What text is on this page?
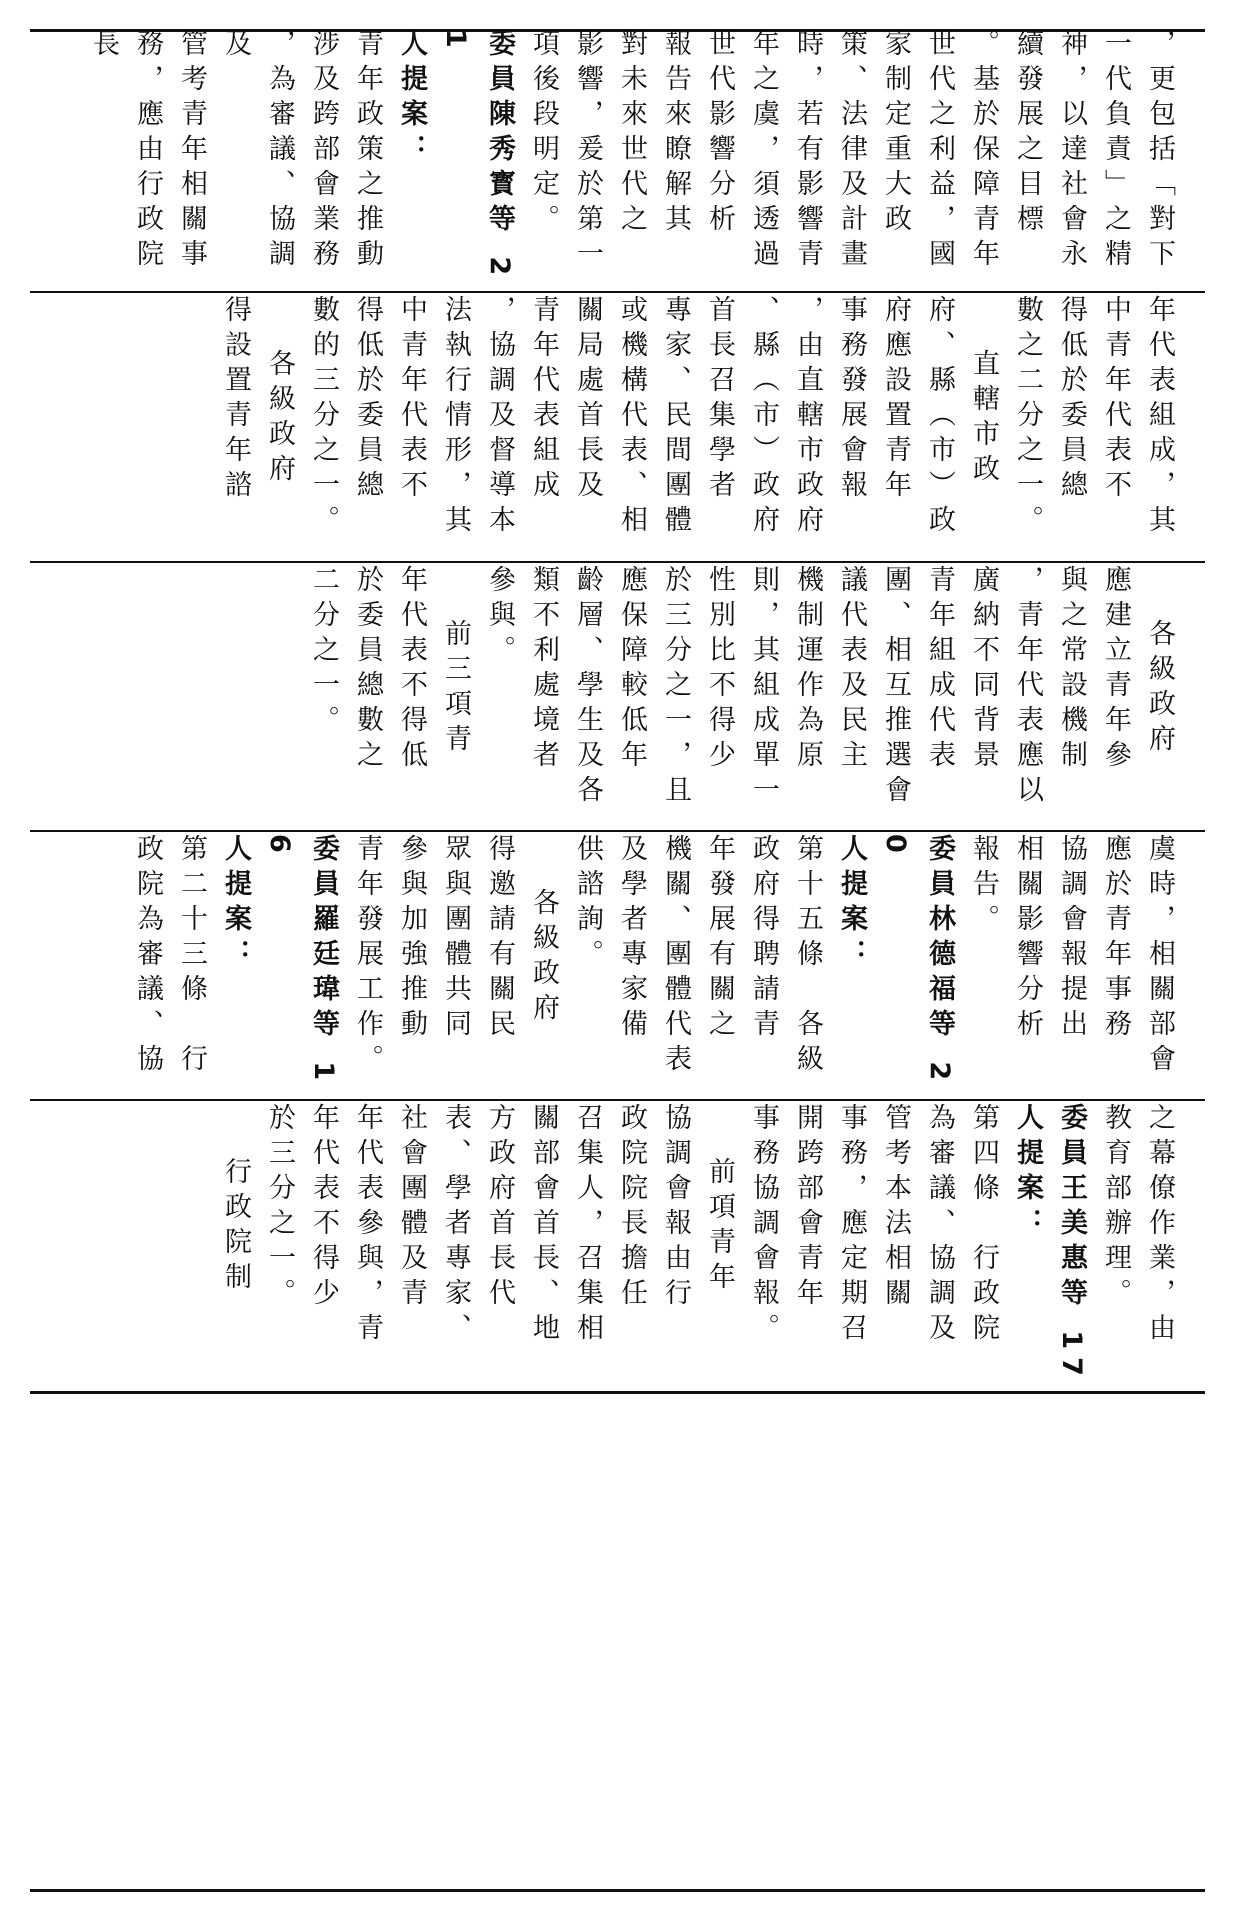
，更包括「對下
一代負責」之精
神，以達社會永
續發展之目標
。基於保障青年
世代之利益，國
家制定重大政
策、法律及計畫
時，若有影響青
年之虞，須透過
世代影響分析
報告來瞭解其
對未來世代之
影響，爰於第一
項後段明定。
委員陳秀寳等 21
人提案：
青年政策之推動
涉及跨部會業務
，為審議、協調及
管考青年相關事
務，應由行政院長
年代表組成，其
中青年代表不
得低於委員總
數之二分之一。
直轄市政
府、縣（市）政
府應設置青年
事務發展會報
，由直轄市政府
、縣（市）政府
首長召集學者
專家、民間團體
或機構代表、相
關局處首長及
青年代表組成
，協調及督導本
法執行情形，其
中青年代表不
得低於委員總
數的三分之一。
各級政府
得設置青年諮
各級政府
應建立青年參
與之常設機制
，青年代表應以
廣納不同背景
青年組成代表
團、相互推選會
議代表及民主
機制運作為原
則，其組成單一
性別比不得少
於三分之一，且
應保障較低年
齡層、學生及各
類不利處境者
參與。
前三項青
年代表不得低
於委員總數之
二分之一。
虞時，相關部會
應於青年事務
協調會報提出
相關影響分析
報告。
委員林德福等 20
人提案：
第十五條　各級
政府得聘請青
年發展有關之
機關、團體代表
及學者專家備
供諮詢。
各級政府
得邀請有關民
眾與團體共同
參與加強推動
青年發展工作。
委員羅廷瑋等 16
人提案：
第二十三條　行
政院為審議、協
之幕僚作業，由
教育部辦理。
委員王美惠等 17
人提案：
第四條　行政院
為審議、協調及
管考本法相關
事務，應定期召
開跨部會青年
事務協調會報。
前項青年
協調會報由行
政院院長擔任
召集人，召集相
關部會首長、地
方政府首長代
表、學者專家、
社會團體及青
年代表參與，青
年代表不得少
於三分之一。
行政院制
